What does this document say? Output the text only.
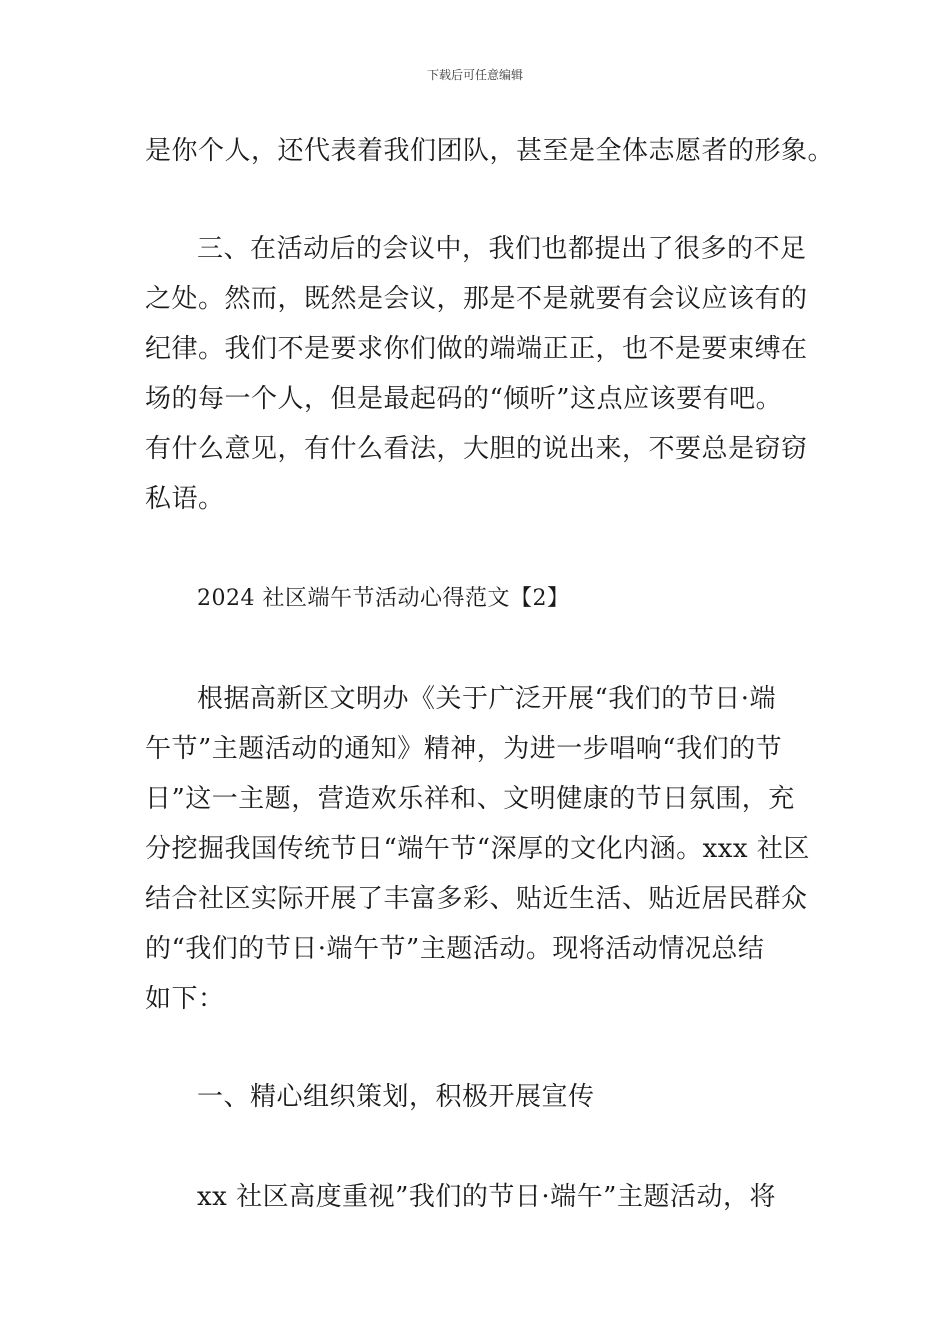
下载后可任意编辑
是你个人，还代表着我们团队，甚至是全体志愿者的形象。
三、在活动后的会议中，我们也都提出了很多的不足
之处。然而，既然是会议，那是不是就要有会议应该有的
纪律。我们不是要求你们做的端端正正，也不是要束缚在
场的每一个人，但是最起码的“倾听”这点应该要有吧。
有什么意见，有什么看法，大胆的说出来，不要总是窃窃
私语。
2024 社区端午节活动心得范文【2】
根据高新区文明办《关于广泛开展“我们的节日·端
午节”主题活动的通知》精神，为进一步唱响“我们的节
日”这一主题，营造欢乐祥和、文明健康的节日氛围，充
分挖掘我国传统节日“端午节“深厚的文化内涵。xxx 社区
结合社区实际开展了丰富多彩、贴近生活、贴近居民群众
的“我们的节日·端午节”主题活动。现将活动情况总结
如下：
一、精心组织策划，积极开展宣传
xx 社区高度重视”我们的节日·端午”主题活动，将
